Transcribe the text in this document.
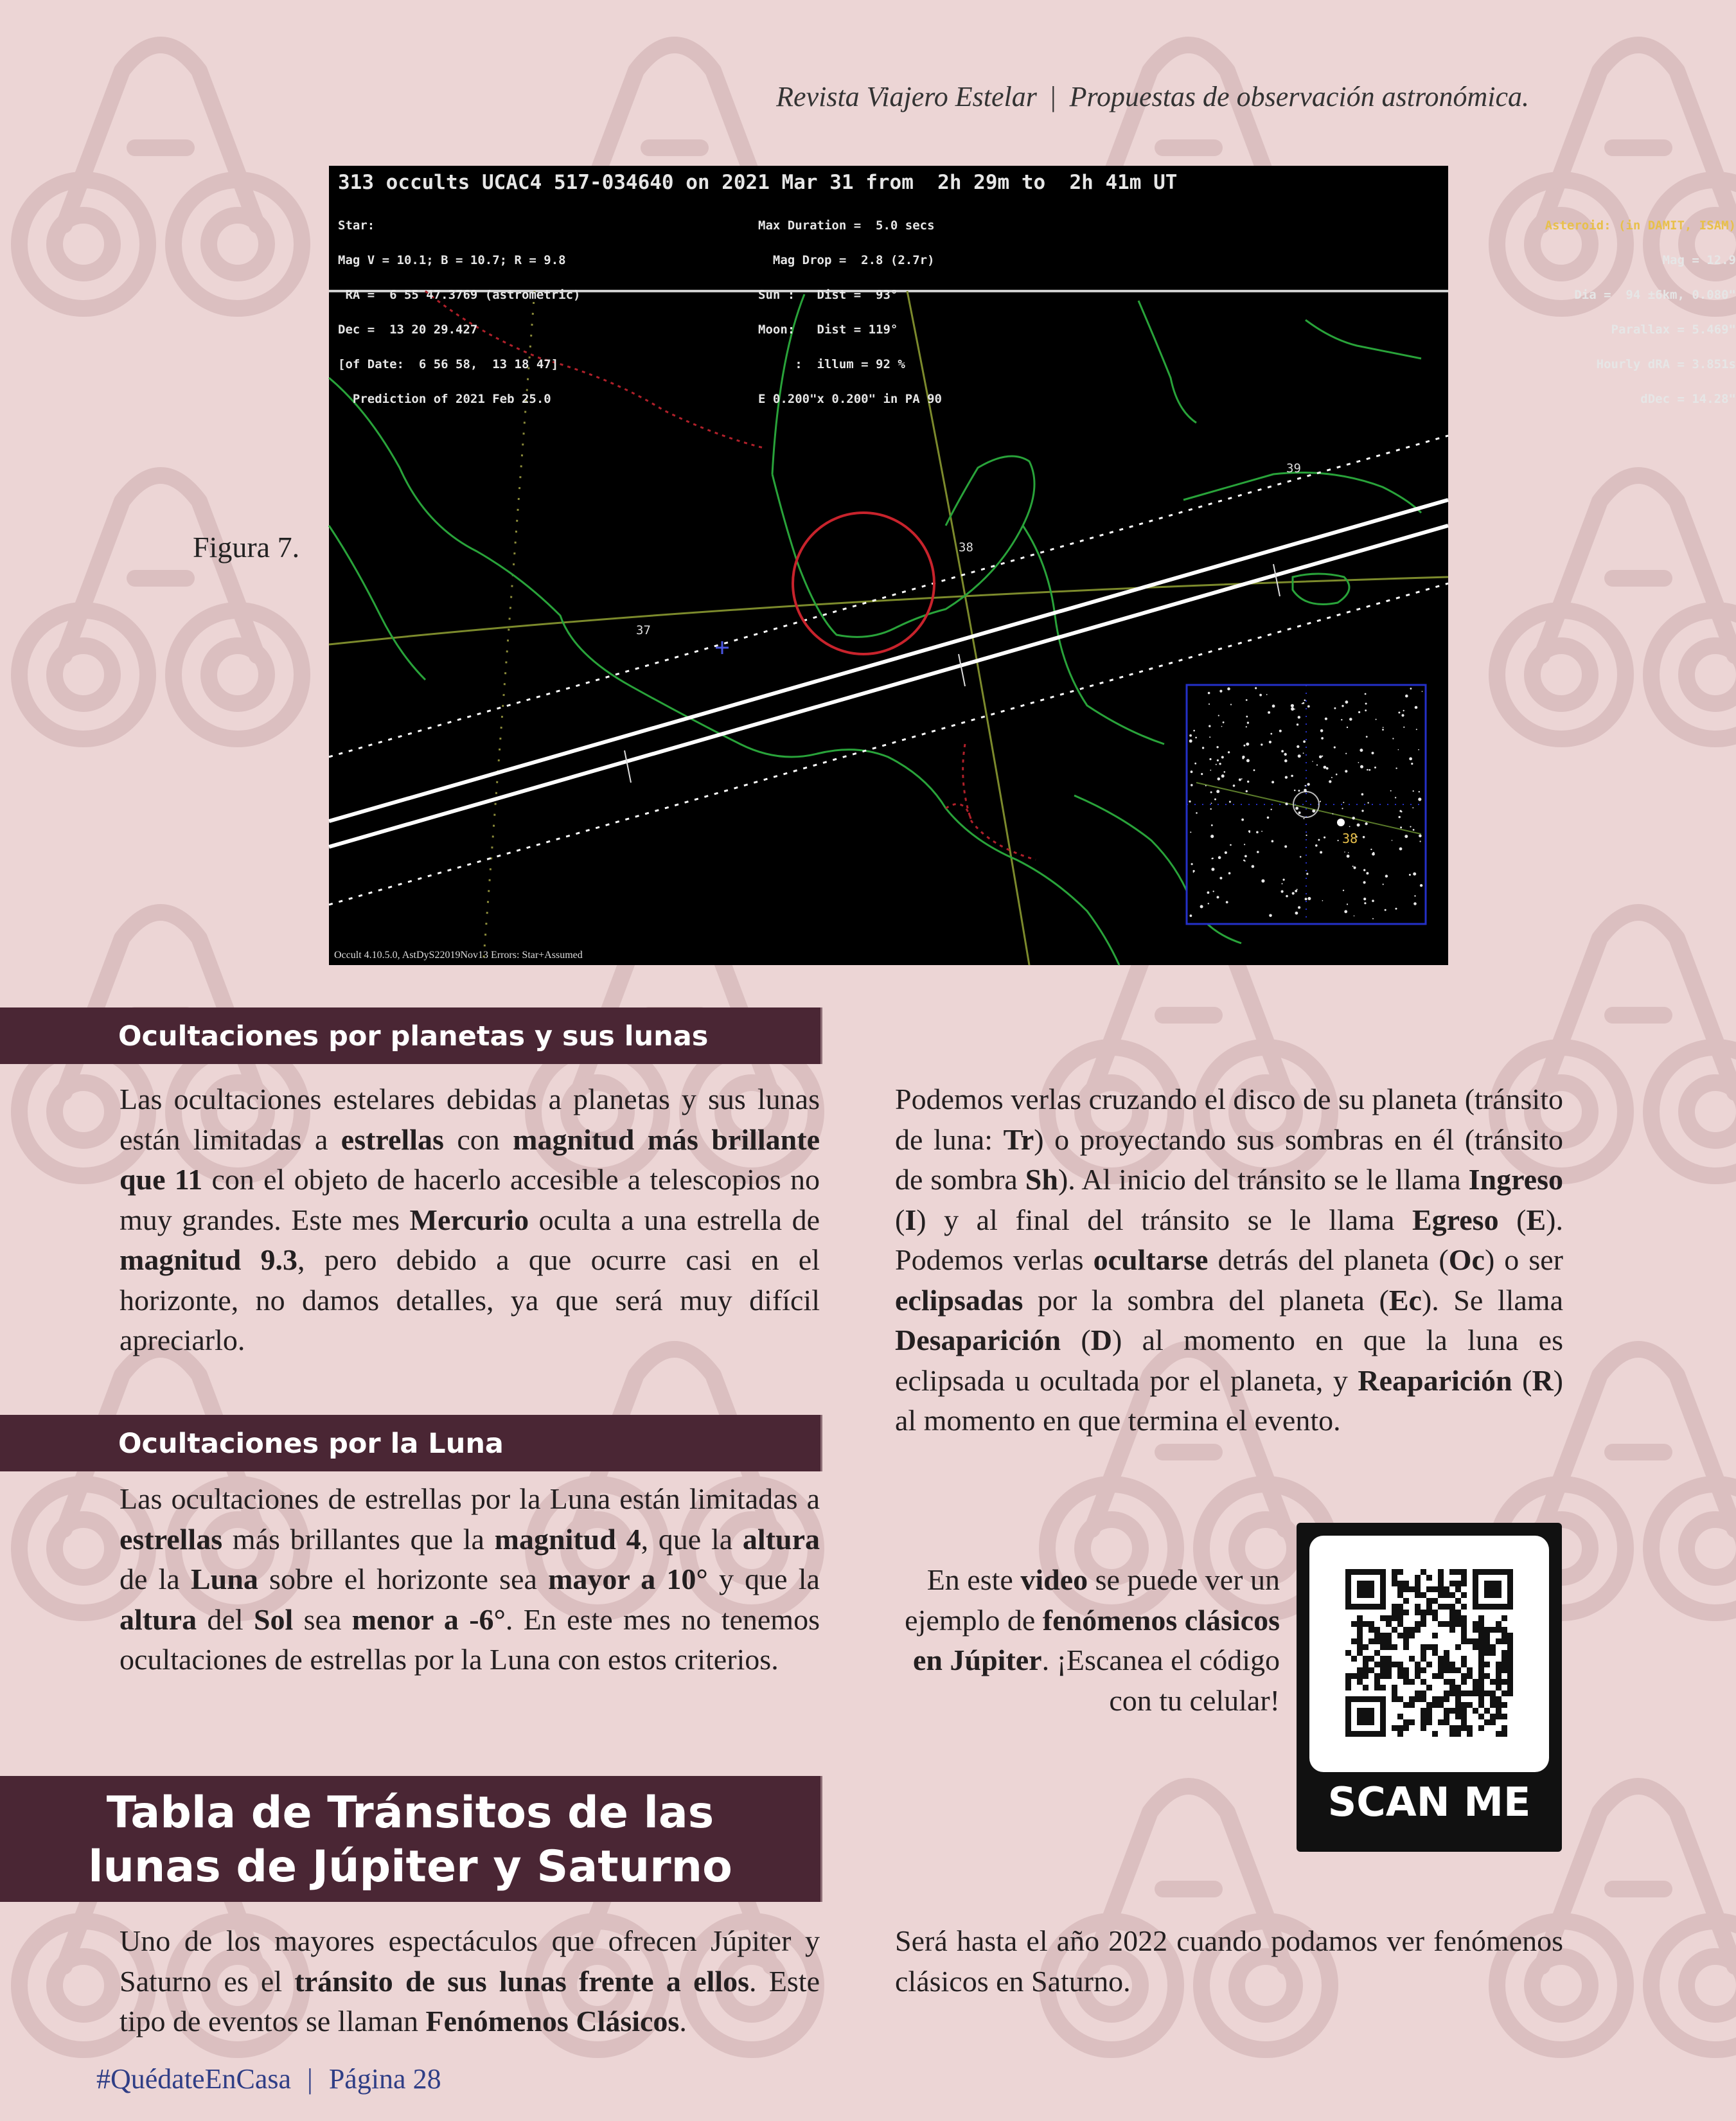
Revista Viajero Estelar | Propuestas de observación astronómica.
Figura 7.
37
38
39
38
313 occults UCAC4 517-034640 on 2021 Mar 31 from  2h 29m to  2h 41m UT

Star:

Mag V = 10.1; B = 10.7; R = 9.8

RA =  6 55 47.3769 (astrometric)

Dec =  13 20 29.427

[of Date:  6 56 58,  13 18 47]

Prediction of 2021 Feb 25.0

Max Duration =  5.0 secs

Mag Drop =  2.8 (2.7r)

Sun :   Dist =  93°

Moon:   Dist = 119°

:  illum = 92 %

E 0.200"x 0.200" in PA 90

Asteroid: (in DAMIT, ISAM)

Mag = 12.9

Dia =  94 ±6km, 0.080"

Parallax = 5.469"

Hourly dRA = 3.851s

dDec = 14.28"

Occult 4.10.5.0, AstDyS22019Nov13 Errors: Star+Assumed
Ocultaciones por planetas y sus lunas
Las ocultaciones estelares debidas a planetas y sus lunas están limitadas a estrellas con magnitud más brillante que 11 con el objeto de hacerlo accesible a telescopios no muy grandes. Este mes Mercurio oculta a una estrella de magnitud 9.3, pero debido a que ocurre casi en el horizonte, no damos detalles, ya que será muy difícil apreciarlo.
Ocultaciones por la Luna
Las ocultaciones de estrellas por la Luna están limitadas a estrellas más brillantes que la magnitud 4, que la altura de la Luna sobre el horizonte sea mayor a 10° y que la altura del Sol sea menor a -6°. En este mes no tenemos ocultaciones de estrellas por la Luna con estos criterios.
Tabla de Tránsitos de las
lunas de Júpiter y Saturno
Uno de los mayores espectáculos que ofrecen Júpiter y Saturno es el tránsito de sus lunas frente a ellos. Este tipo de eventos se llaman Fenómenos Clásicos.
Podemos verlas cruzando el disco de su planeta (tránsito de luna: Tr) o proyectando sus sombras en él (tránsito de sombra Sh). Al inicio del tránsito se le llama Ingreso (I) y al final del tránsito se le llama Egreso (E). Podemos verlas ocultarse detrás del planeta (Oc) o ser eclipsadas por la sombra del planeta (Ec). Se llama Desaparición (D) al momento en que la luna es eclipsada u ocultada por el planeta, y Reaparición (R) al momento en que termina el evento.
En este video se puede ver un ejemplo de fenómenos clásicos en Júpiter. ¡Escanea el código con tu celular!
SCAN ME
Será hasta el año 2022 cuando podamos ver fenómenos clásicos en Saturno.
#QuédateEnCasa | Página 28
